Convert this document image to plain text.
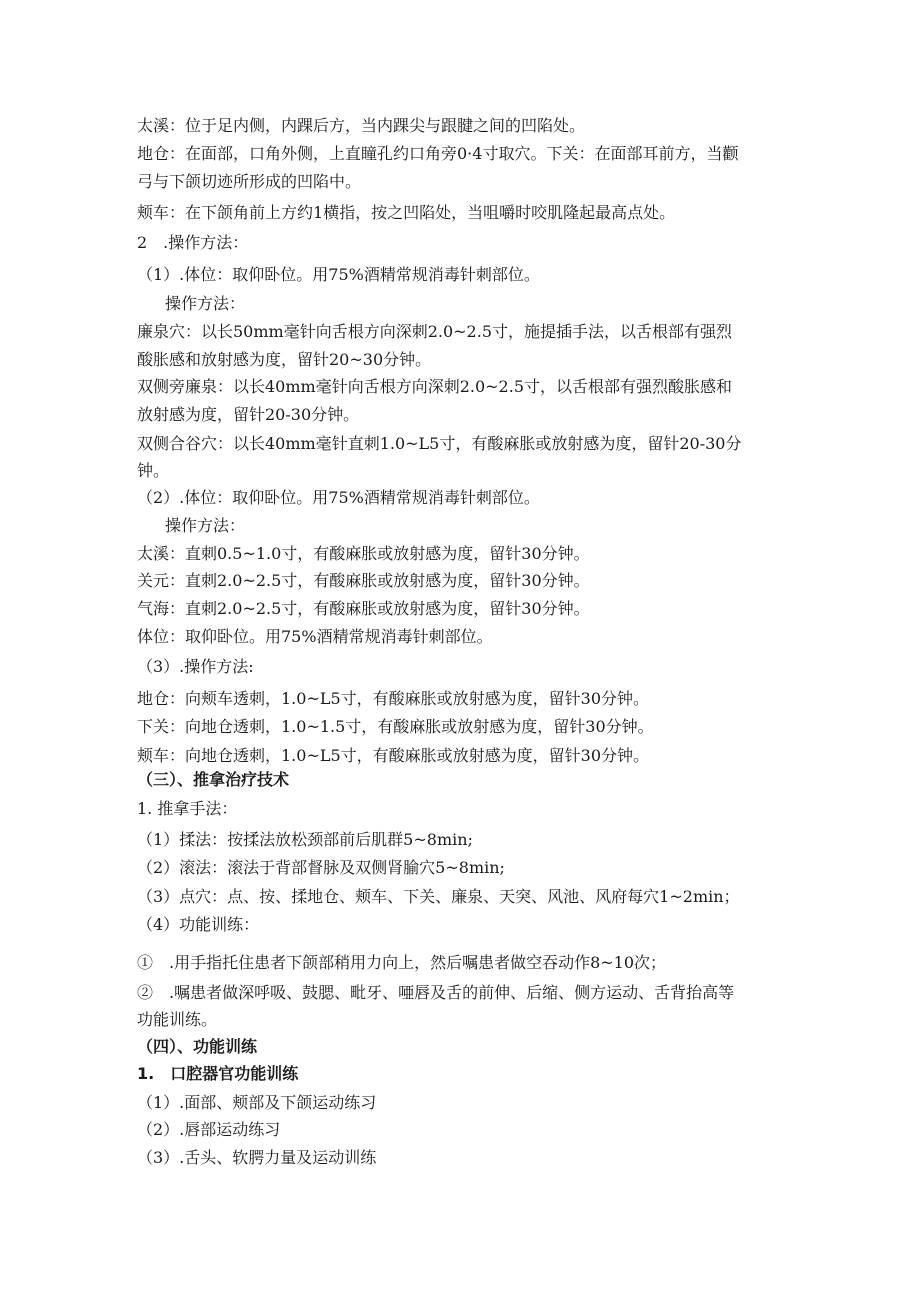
太溪：位于足内侧，内踝后方，当内踝尖与跟腱之间的凹陷处。
地仓：在面部，口角外侧，上直瞳孔约口角旁0·4寸取穴。下关：在面部耳前方，当颧
弓与下颌切迹所形成的凹陷中。
颊车：在下颌角前上方约1横指，按之凹陷处，当咀嚼时咬肌隆起最高点处。
2　.操作方法：
（1）.体位：取仰卧位。用75%酒精常规消毒针刺部位。
操作方法：
廉泉穴：以长50mm毫针向舌根方向深刺2.0~2.5寸，施提插手法，以舌根部有强烈
酸胀感和放射感为度，留针20~30分钟。
双侧旁廉泉：以长40mm毫针向舌根方向深刺2.0~2.5寸，以舌根部有强烈酸胀感和
放射感为度，留针20-30分钟。
双侧合谷穴：以长40mm毫针直刺1.0~L5寸，有酸麻胀或放射感为度，留针20-30分
钟。
（2）.体位：取仰卧位。用75%酒精常规消毒针刺部位。
操作方法：
太溪：直刺0.5~1.0寸，有酸麻胀或放射感为度，留针30分钟。
关元：直刺2.0~2.5寸，有酸麻胀或放射感为度，留针30分钟。
气海：直刺2.0~2.5寸，有酸麻胀或放射感为度，留针30分钟。
体位：取仰卧位。用75%酒精常规消毒针刺部位。
（3）.操作方法:
地仓：向颊车透刺，1.0~L5寸，有酸麻胀或放射感为度，留针30分钟。
下关：向地仓透刺，1.0~1.5寸，有酸麻胀或放射感为度，留针30分钟。
颊车：向地仓透刺，1.0~L5寸，有酸麻胀或放射感为度，留针30分钟。
（三）、推拿治疗技术
1. 推拿手法：
（1）揉法：按揉法放松颈部前后肌群5~8min;
（2）滚法：滚法于背部督脉及双侧肾腧穴5~8min;
（3）点穴：点、按、揉地仓、颊车、下关、廉泉、天突、风池、风府每穴1~2min；
（4）功能训练：
①　.用手指托住患者下颌部稍用力向上，然后嘱患者做空吞动作8~10次；
②　.嘱患者做深呼吸、鼓腮、毗牙、唖唇及舌的前伸、后缩、侧方运动、舌背抬高等
功能训练。
（四）、功能训练
1.　口腔器官功能训练
（1）.面部、颊部及下颌运动练习
（2）.唇部运动练习
（3）.舌头、软腭力量及运动训练
